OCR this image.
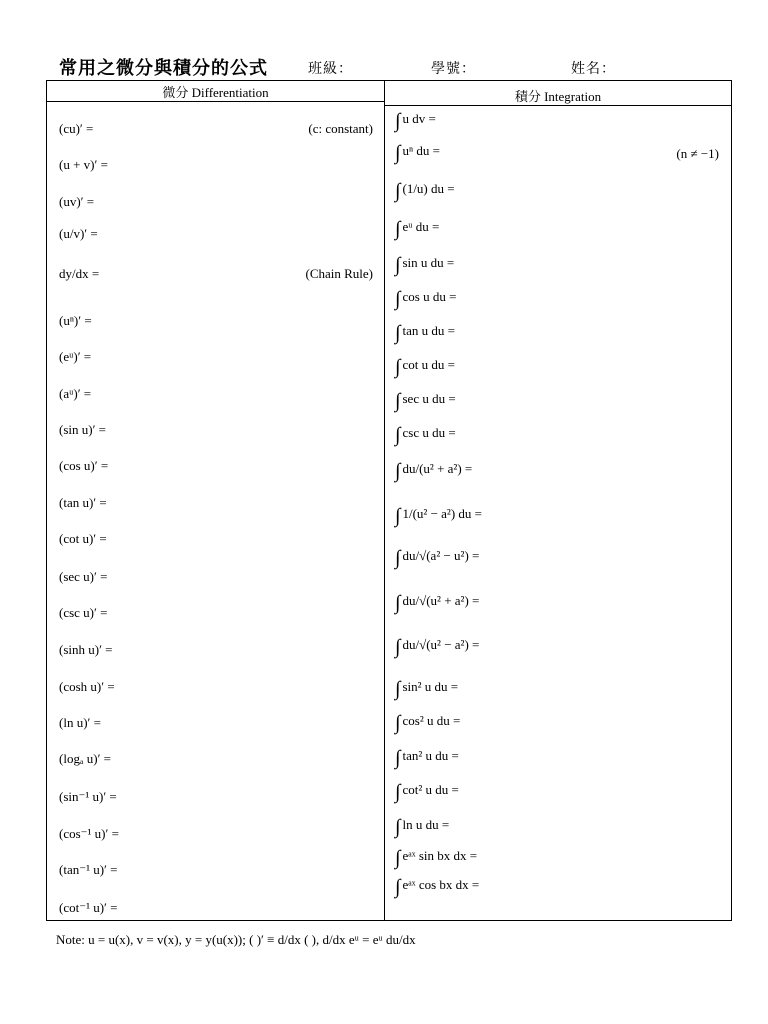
常用之微分與積分的公式	班級：	學號：	姓名：
微分 Differentiation	積分 Integration
(cu)′ =	(c: constant)
(u + v)′ =
(uv)′ =
(u/v)′ =
dy/dx =	(Chain Rule)
(uⁿ)′ =
(eᵘ)′ =
(aᵘ)′ =
(sin u)′ =
(cos u)′ =
(tan u)′ =
(cot u)′ =
(sec u)′ =
(csc u)′ =
(sinh u)′ =
(cosh u)′ =
(ln u)′ =
(logₐ u)′ =
(sin⁻¹ u)′ =
(cos⁻¹ u)′ =
(tan⁻¹ u)′ =
(cot⁻¹ u)′ =
∫ u dv =
∫ uⁿ du =	(n ≠ −1)
∫ (1/u) du =
∫ eᵘ du =
∫ sin u du =
∫ cos u du =
∫ tan u du =
∫ cot u du =
∫ sec u du =
∫ csc u du =
∫ du/(u² + a²) =
∫ 1/(u² − a²) du =
∫ du/√(a² − u²) =
∫ du/√(u² + a²) =
∫ du/√(u² − a²) =
∫ sin² u du =
∫ cos² u du =
∫ tan² u du =
∫ cot² u du =
∫ ln u du =
∫ eᵃˣ sin bx dx =
∫ eᵃˣ cos bx dx =
Note: u = u(x), v = v(x), y = y(u(x)); ( )′ ≡ d/dx ( ), d/dx eᵘ = eᵘ du/dx
